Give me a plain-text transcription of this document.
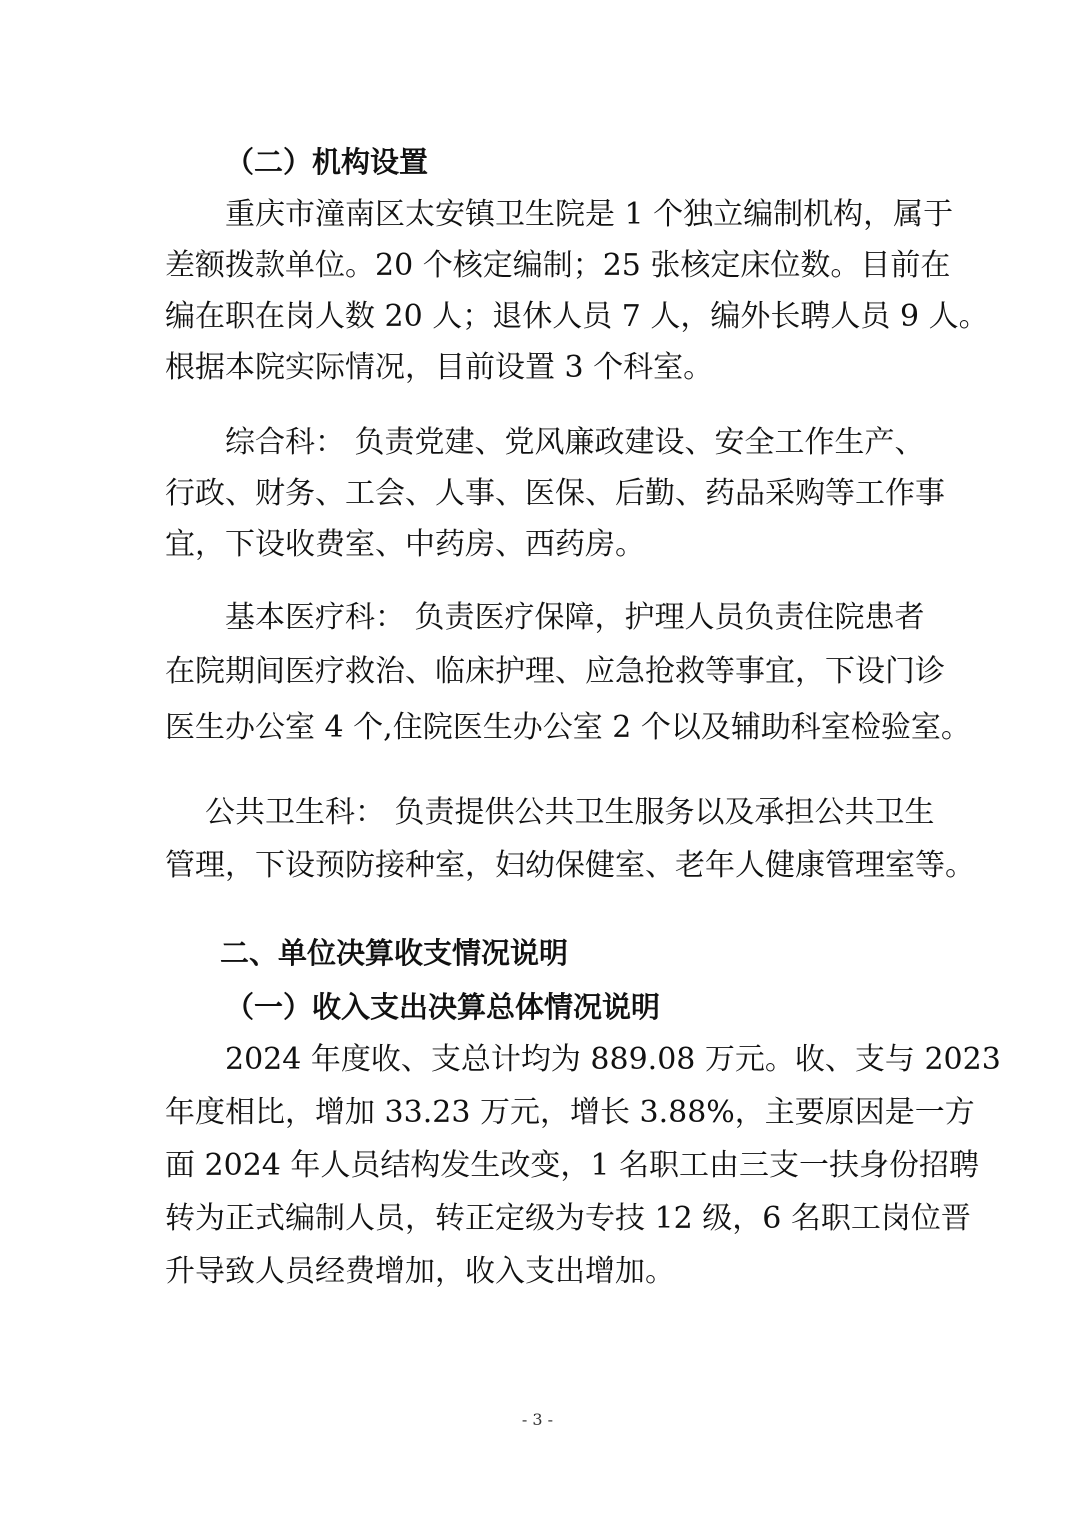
（二）机构设置
重庆市潼南区太安镇卫生院是 1 个独立编制机构，属于
差额拨款单位。20 个核定编制；25 张核定床位数。目前在
编在职在岗人数 20 人；退休人员 7 人，编外长聘人员 9 人。
根据本院实际情况，目前设置 3 个科室。
综合科： 负责党建、党风廉政建设、安全工作生产、
行政、财务、工会、人事、医保、后勤、药品采购等工作事
宜，下设收费室、中药房、西药房。
基本医疗科： 负责医疗保障，护理人员负责住院患者
在院期间医疗救治、临床护理、应急抢救等事宜，下设门诊
医生办公室 4 个,住院医生办公室 2 个以及辅助科室检验室。
公共卫生科： 负责提供公共卫生服务以及承担公共卫生
管理，下设预防接种室，妇幼保健室、老年人健康管理室等。
二、单位决算收支情况说明
（一）收入支出决算总体情况说明
2024 年度收、支总计均为 889.08 万元。收、支与 2023
年度相比，增加 33.23 万元，增长 3.88%，主要原因是一方
面 2024 年人员结构发生改变，1 名职工由三支一扶身份招聘
转为正式编制人员，转正定级为专技 12 级，6 名职工岗位晋
升导致人员经费增加，收入支出增加。
- 3 -
